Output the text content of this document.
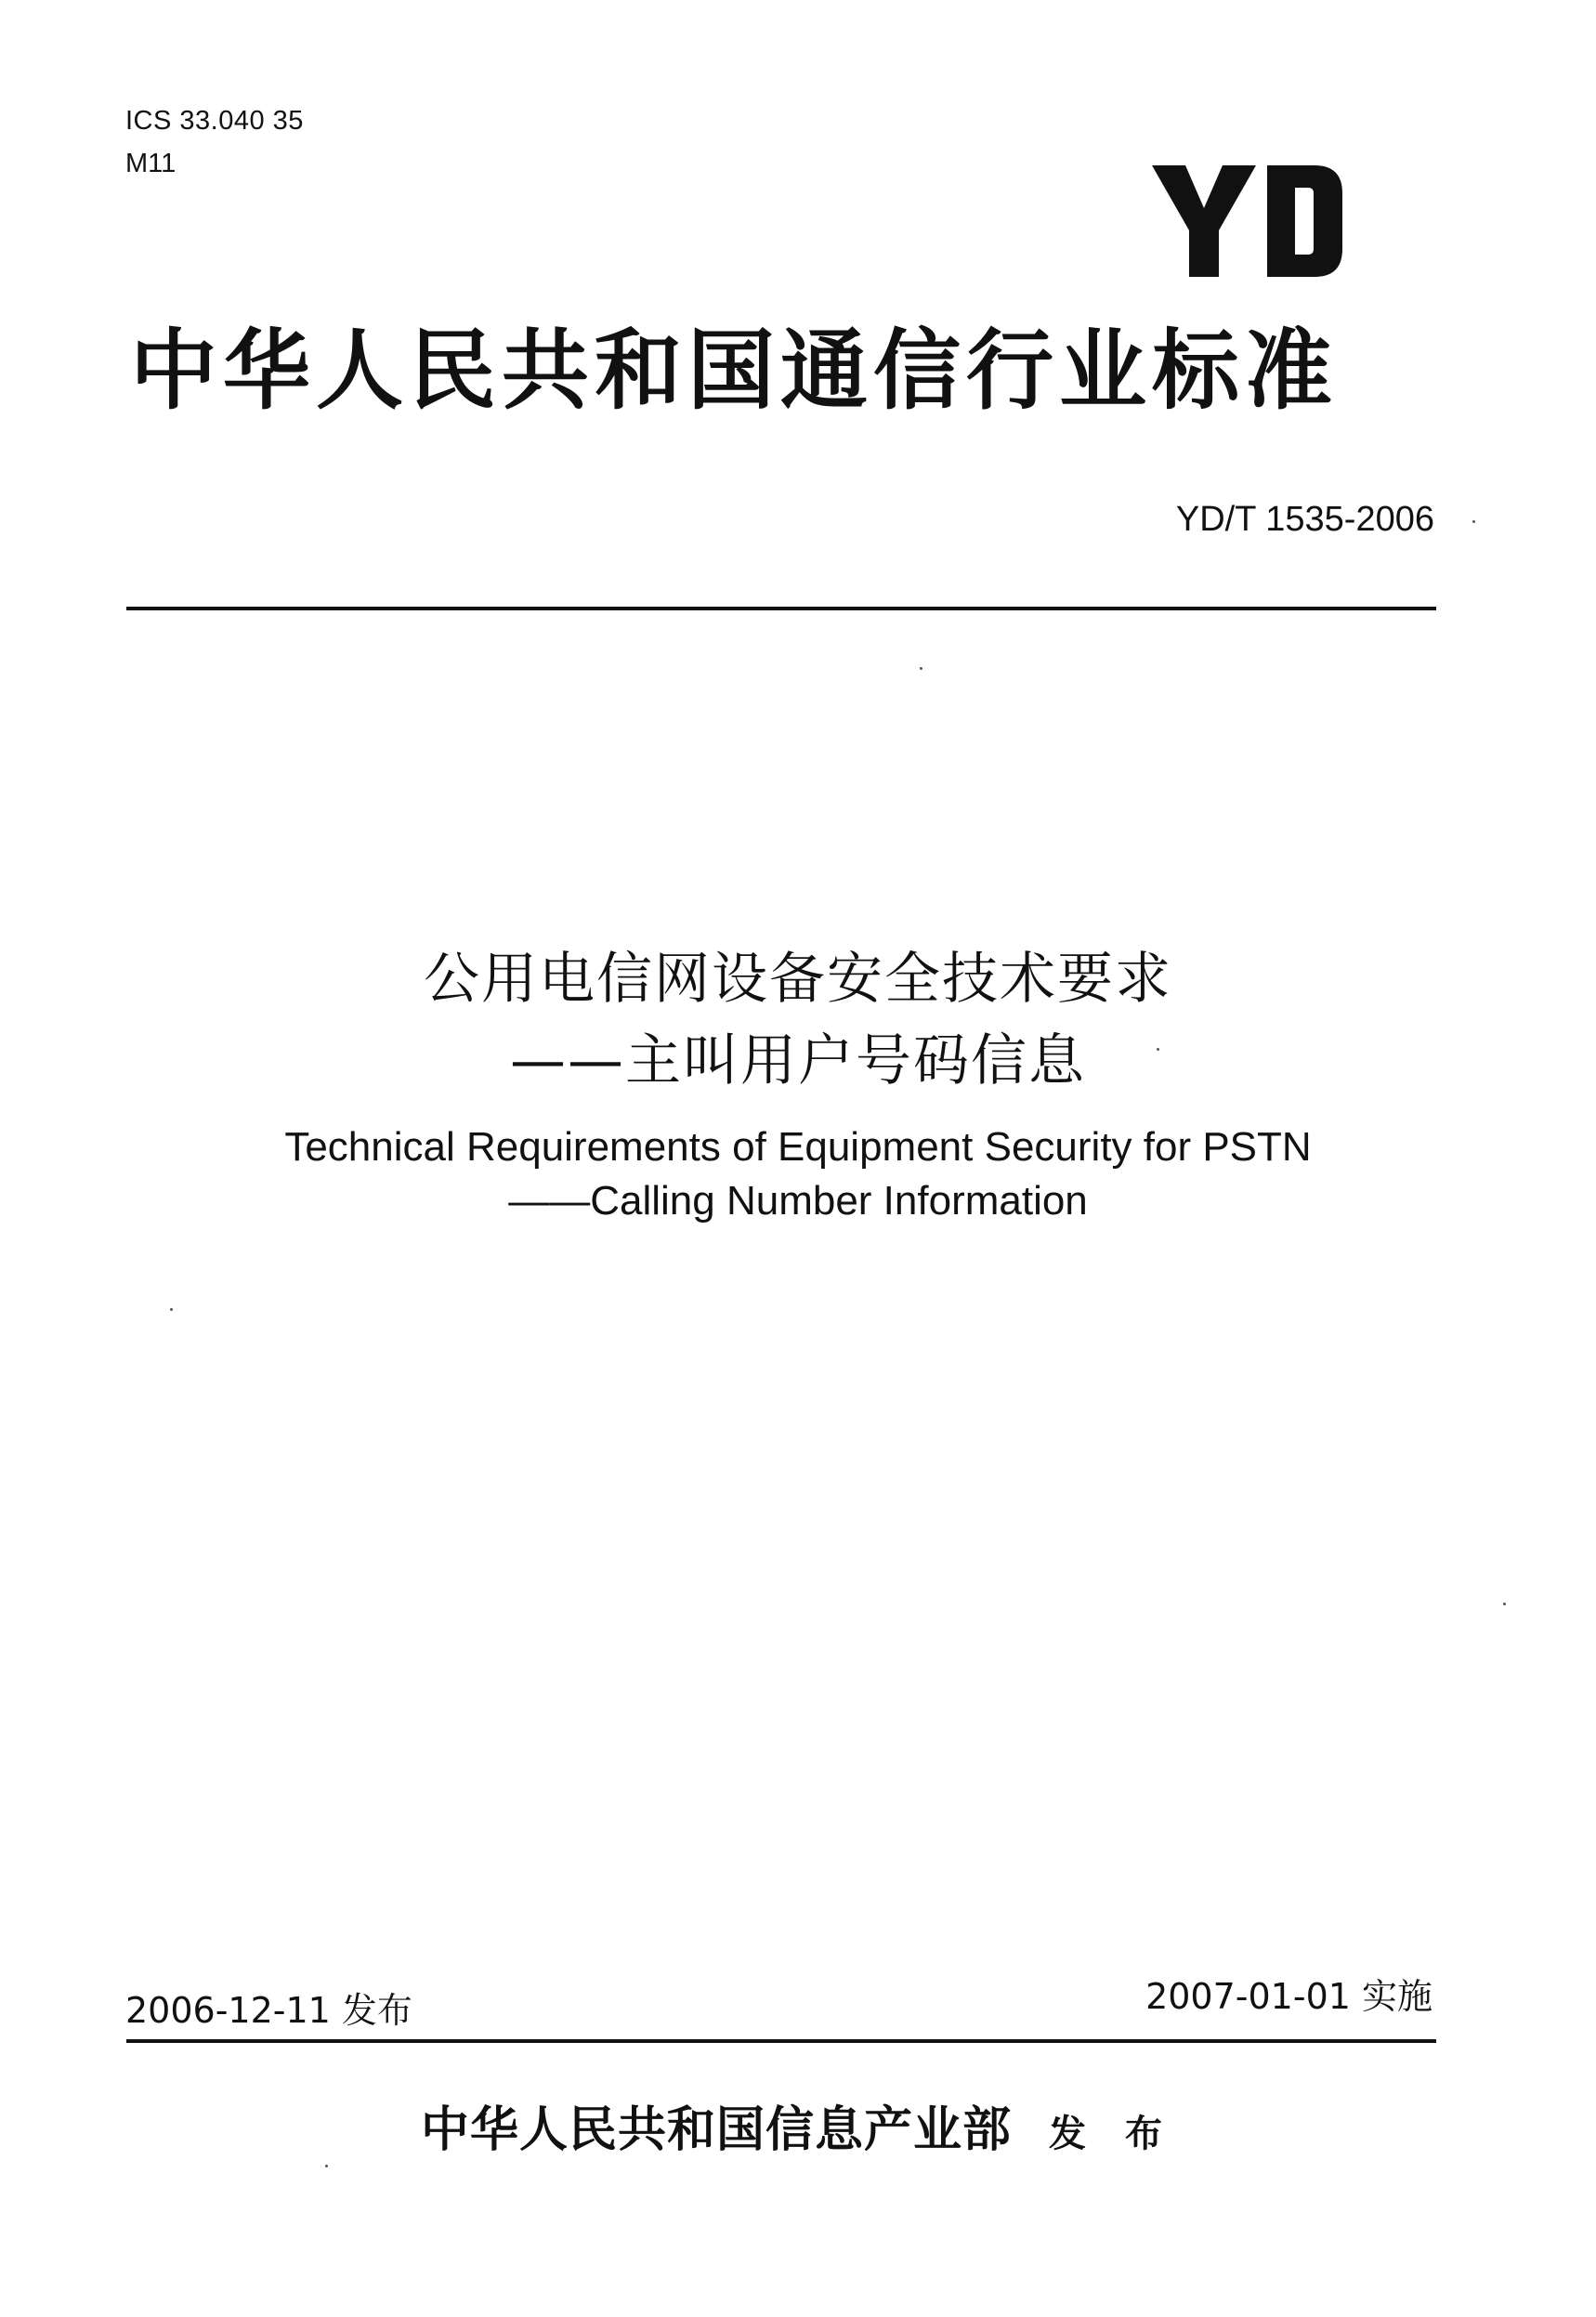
ICS 33.040 35
M11
中华人民共和国通信行业标准
YD/T 1535-2006
公用电信网设备安全技术要求
——主叫用户号码信息
Technical Requirements of Equipment Security for PSTN
——Calling Number Information
2006-12-11 发布	2007-01-01 实施
中华人民共和国信息产业部 发 布
